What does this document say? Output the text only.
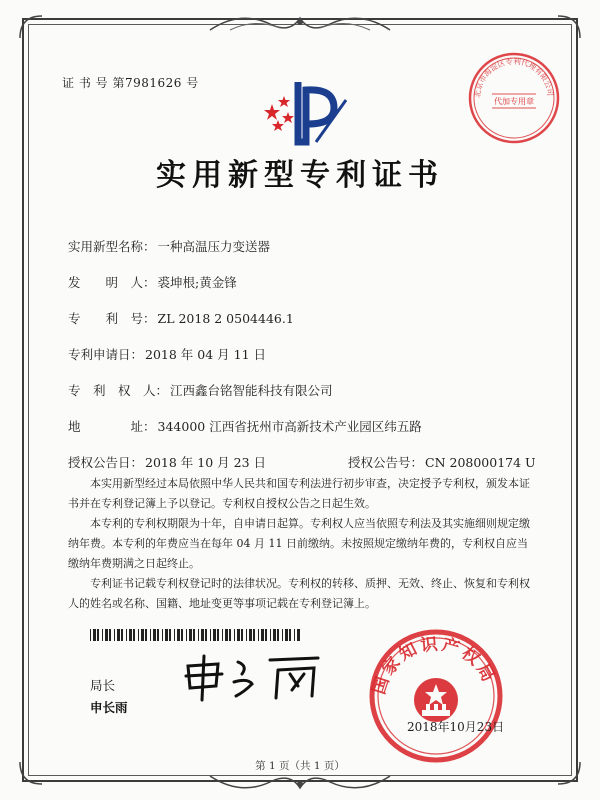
证 书 号 第7981626 号
北京市海淀区专利代理有限公司
代加专用章
实用新型专利证书
实用新型名称： 一种高温压力变送器
发　　明　人： 裘坤根;黄金锋
专　　利　号： ZL 2018 2 0504446.1
专利申请日： 2018 年 04 月 11 日
专　利　权　人： 江西鑫台铭智能科技有限公司
地　　　　址： 344000 江西省抚州市高新技术产业园区纬五路
授权公告日： 2018 年 10 月 23 日	授权公告号： CN 208000174 U

本实用新型经过本局依照中华人民共和国专利法进行初步审查，决定授予专利权，颁发本证书并在专利登记簿上予以登记。专利权自授权公告之日起生效。

本专利的专利权期限为十年，自申请日起算。专利权人应当依照专利法及其实施细则规定缴纳年费。本专利的年费应当在每年 04 月 11 日前缴纳。未按照规定缴纳年费的，专利权自应当缴纳年费期满之日起终止。

专利证书记载专利权登记时的法律状况。专利权的转移、质押、无效、终止、恢复和专利权人的姓名或名称、国籍、地址变更等事项记载在专利登记簿上。

局长
申长雨
国家知识产权局
2018年10月23日
第 1 页（共 1 页）
